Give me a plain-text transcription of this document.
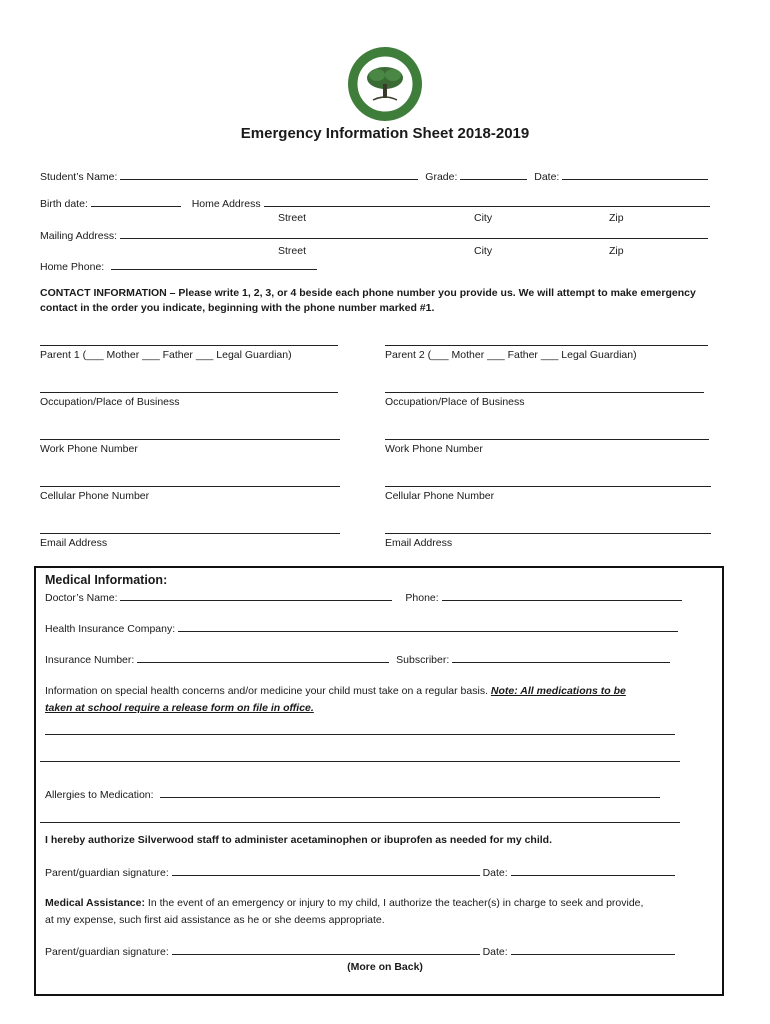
Emergency Information Sheet 2018-2019
Student’s Name:	Grade:	Date:
Birth date:	Home Address
Street	City	Zip
Mailing Address:
Street	City	Zip
Home Phone:
CONTACT INFORMATION – Please write 1, 2, 3, or 4 beside each phone number you provide us. We will attempt to make emergency
contact in the order you indicate, beginning with the phone number marked #1.
Parent 1 (___ Mother ___ Father ___ Legal Guardian)
Occupation/Place of Business
Work Phone Number
Cellular Phone Number
Email Address
Parent 2 (___ Mother ___ Father ___ Legal Guardian)
Occupation/Place of Business
Work Phone Number
Cellular Phone Number
Email Address
Medical Information:
Doctor’s Name:	Phone:
Health Insurance Company:
Insurance Number:	Subscriber:
Information on special health concerns and/or medicine your child must take on a regular basis. Note: All medications to be
taken at school require a release form on file in office.
Allergies to Medication:
I hereby authorize Silverwood staff to administer acetaminophen or ibuprofen as needed for my child.
Parent/guardian signature:	Date:
Medical Assistance: In the event of an emergency or injury to my child, I authorize the teacher(s) in charge to seek and provide,
at my expense, such first aid assistance as he or she deems appropriate.
Parent/guardian signature:	Date:
(More on Back)
